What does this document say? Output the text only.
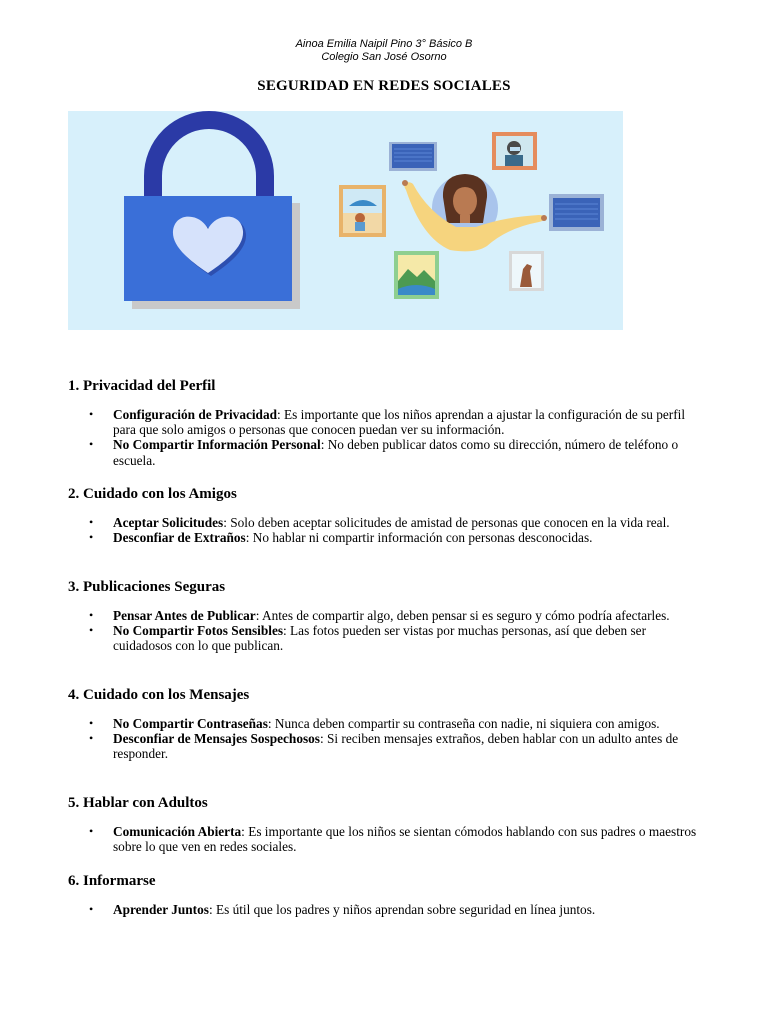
Ainoa Emilia Naipil Pino 3° Básico B
Colegio San José Osorno
SEGURIDAD EN REDES SOCIALES
1. Privacidad del Perfil
• Configuración de Privacidad: Es importante que los niños aprendan a ajustar la configuración de su perfil para que solo amigos o personas que conocen puedan ver su información.
• No Compartir Información Personal: No deben publicar datos como su dirección, número de teléfono o escuela.
2. Cuidado con los Amigos
• Aceptar Solicitudes: Solo deben aceptar solicitudes de amistad de personas que conocen en la vida real.
• Desconfiar de Extraños: No hablar ni compartir información con personas desconocidas.
3. Publicaciones Seguras
• Pensar Antes de Publicar: Antes de compartir algo, deben pensar si es seguro y cómo podría afectarles.
• No Compartir Fotos Sensibles: Las fotos pueden ser vistas por muchas personas, así que deben ser cuidadosos con lo que publican.
4. Cuidado con los Mensajes
• No Compartir Contraseñas: Nunca deben compartir su contraseña con nadie, ni siquiera con amigos.
• Desconfiar de Mensajes Sospechosos: Si reciben mensajes extraños, deben hablar con un adulto antes de responder.
5. Hablar con Adultos
• Comunicación Abierta: Es importante que los niños se sientan cómodos hablando con sus padres o maestros sobre lo que ven en redes sociales.
6. Informarse
• Aprender Juntos: Es útil que los padres y niños aprendan sobre seguridad en línea juntos.
